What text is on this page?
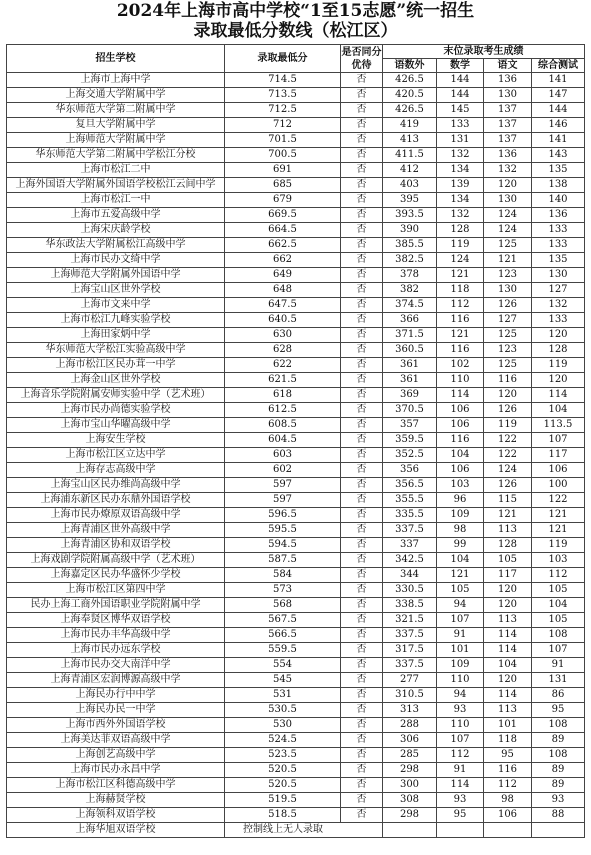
2024年上海市高中学校“1至15志愿”统一招生
录取最低分数线（松江区）
招生学校	录取最低分	是否同分优待	末位录取考生成绩			
			语数外	数学	语文	综合测试
上海市上海中学	714.5	否	426.5	144	136	141
上海交通大学附属中学	713.5	否	420.5	144	130	147
华东师范大学第二附属中学	712.5	否	426.5	145	137	144
复旦大学附属中学	712	否	419	133	137	146
上海师范大学附属中学	701.5	否	413	131	137	141
华东师范大学第二附属中学松江分校	700.5	否	411.5	132	136	143
上海市松江二中	691	否	412	134	132	135
上海外国语大学附属外国语学校松江云间中学	685	否	403	139	120	138
上海市松江一中	679	否	395	134	130	140
上海市五爱高级中学	669.5	否	393.5	132	124	136
上海宋庆龄学校	664.5	否	390	128	124	133
华东政法大学附属松江高级中学	662.5	否	385.5	119	125	133
上海市民办文绮中学	662	否	382.5	124	121	135
上海师范大学附属外国语中学	649	否	378	121	123	130
上海宝山区世外学校	648	否	382	118	130	127
上海市文来中学	647.5	否	374.5	112	126	132
上海市松江九峰实验学校	640.5	否	366	116	127	133
上海田家炳中学	630	否	371.5	121	125	120
华东师范大学松江实验高级中学	628	否	360.5	116	123	128
上海市松江区民办茸一中学	622	否	361	102	125	119
上海金山区世外学校	621.5	否	361	110	116	120
上海音乐学院附属安师实验中学（艺术班）	618	否	369	114	120	114
上海市民办尚德实验学校	612.5	否	370.5	106	126	104
上海市宝山华曜高级中学	608.5	否	357	106	119	113.5
上海安生学校	604.5	否	359.5	116	122	107
上海市松江区立达中学	603	否	352.5	104	122	117
上海存志高级中学	602	否	356	106	124	106
上海宝山区民办维尚高级中学	597	否	356.5	103	126	100
上海浦东新区民办东鼎外国语学校	597	否	355.5	96	115	122
上海市民办燎原双语高级中学	596.5	否	335.5	109	121	121
上海青浦区世外高级中学	595.5	否	337.5	98	113	121
上海青浦区协和双语学校	594.5	否	337	99	128	119
上海戏剧学院附属高级中学（艺术班）	587.5	否	342.5	104	105	103
上海嘉定区民办华盛怀少学校	584	否	344	121	117	112
上海市松江区第四中学	573	否	330.5	105	120	105
民办上海工商外国语职业学院附属中学	568	否	338.5	94	120	104
上海奉贤区博华双语学校	567.5	否	321.5	107	113	105
上海市民办丰华高级中学	566.5	否	337.5	91	114	108
上海市民办远东学校	559.5	否	317.5	101	114	107
上海市民办交大南洋中学	554	否	337.5	109	104	91
上海青浦区宏润博源高级中学	545	否	277	110	120	131
上海民办行中中学	531	否	310.5	94	114	86
上海民办民一中学	530.5	否	313	93	113	95
上海市西外外国语学校	530	否	288	110	101	108
上海美达菲双语高级中学	524.5	否	306	107	118	89
上海创艺高级中学	523.5	否	285	112	95	108
上海市民办永昌中学	520.5	否	298	91	116	89
上海市松江区科德高级中学	520.5	否	300	114	112	89
上海赫贤学校	519.5	否	308	93	98	93
上海领科双语学校	518.5	否	298	95	106	88
上海华旭双语学校	控制线上无人录取					
